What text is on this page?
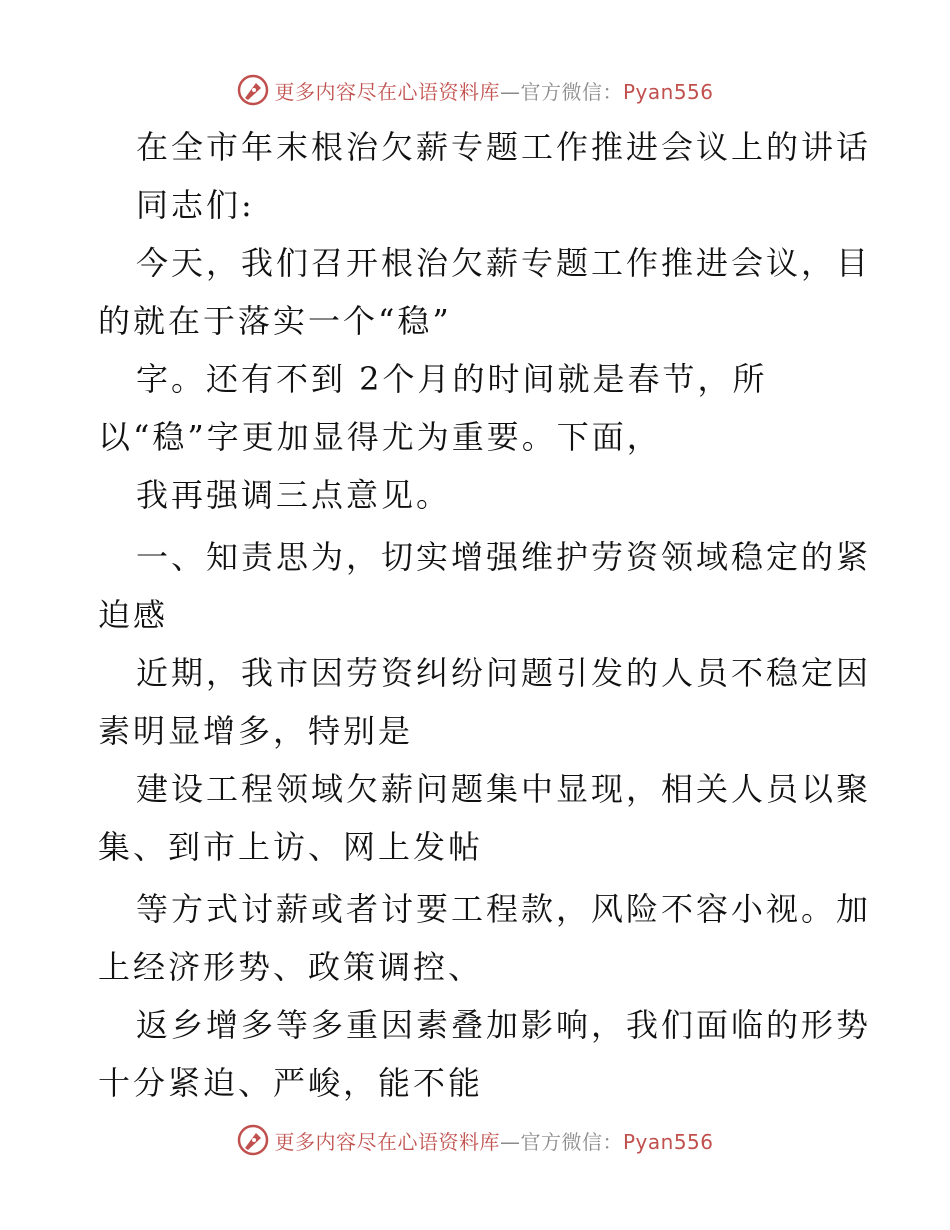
更多内容尽在心语资料库—官方微信：Pyan556
在全市年末根治欠薪专题工作推进会议上的讲话
同志们:
今天，我们召开根治欠薪专题工作推进会议，目
的就在于落实一个“稳”
字。还有不到 2个月的时间就是春节，所
以“稳”字更加显得尤为重要。下面，
我再强调三点意见。
一、知责思为，切实增强维护劳资领域稳定的紧
迫感
近期，我市因劳资纠纷问题引发的人员不稳定因
素明显增多，特别是
建设工程领域欠薪问题集中显现，相关人员以聚
集、到市上访、网上发帖
等方式讨薪或者讨要工程款，风险不容小视。加
上经济形势、政策调控、
返乡增多等多重因素叠加影响，我们面临的形势
十分紧迫、严峻，能不能
更多内容尽在心语资料库—官方微信：Pyan556
